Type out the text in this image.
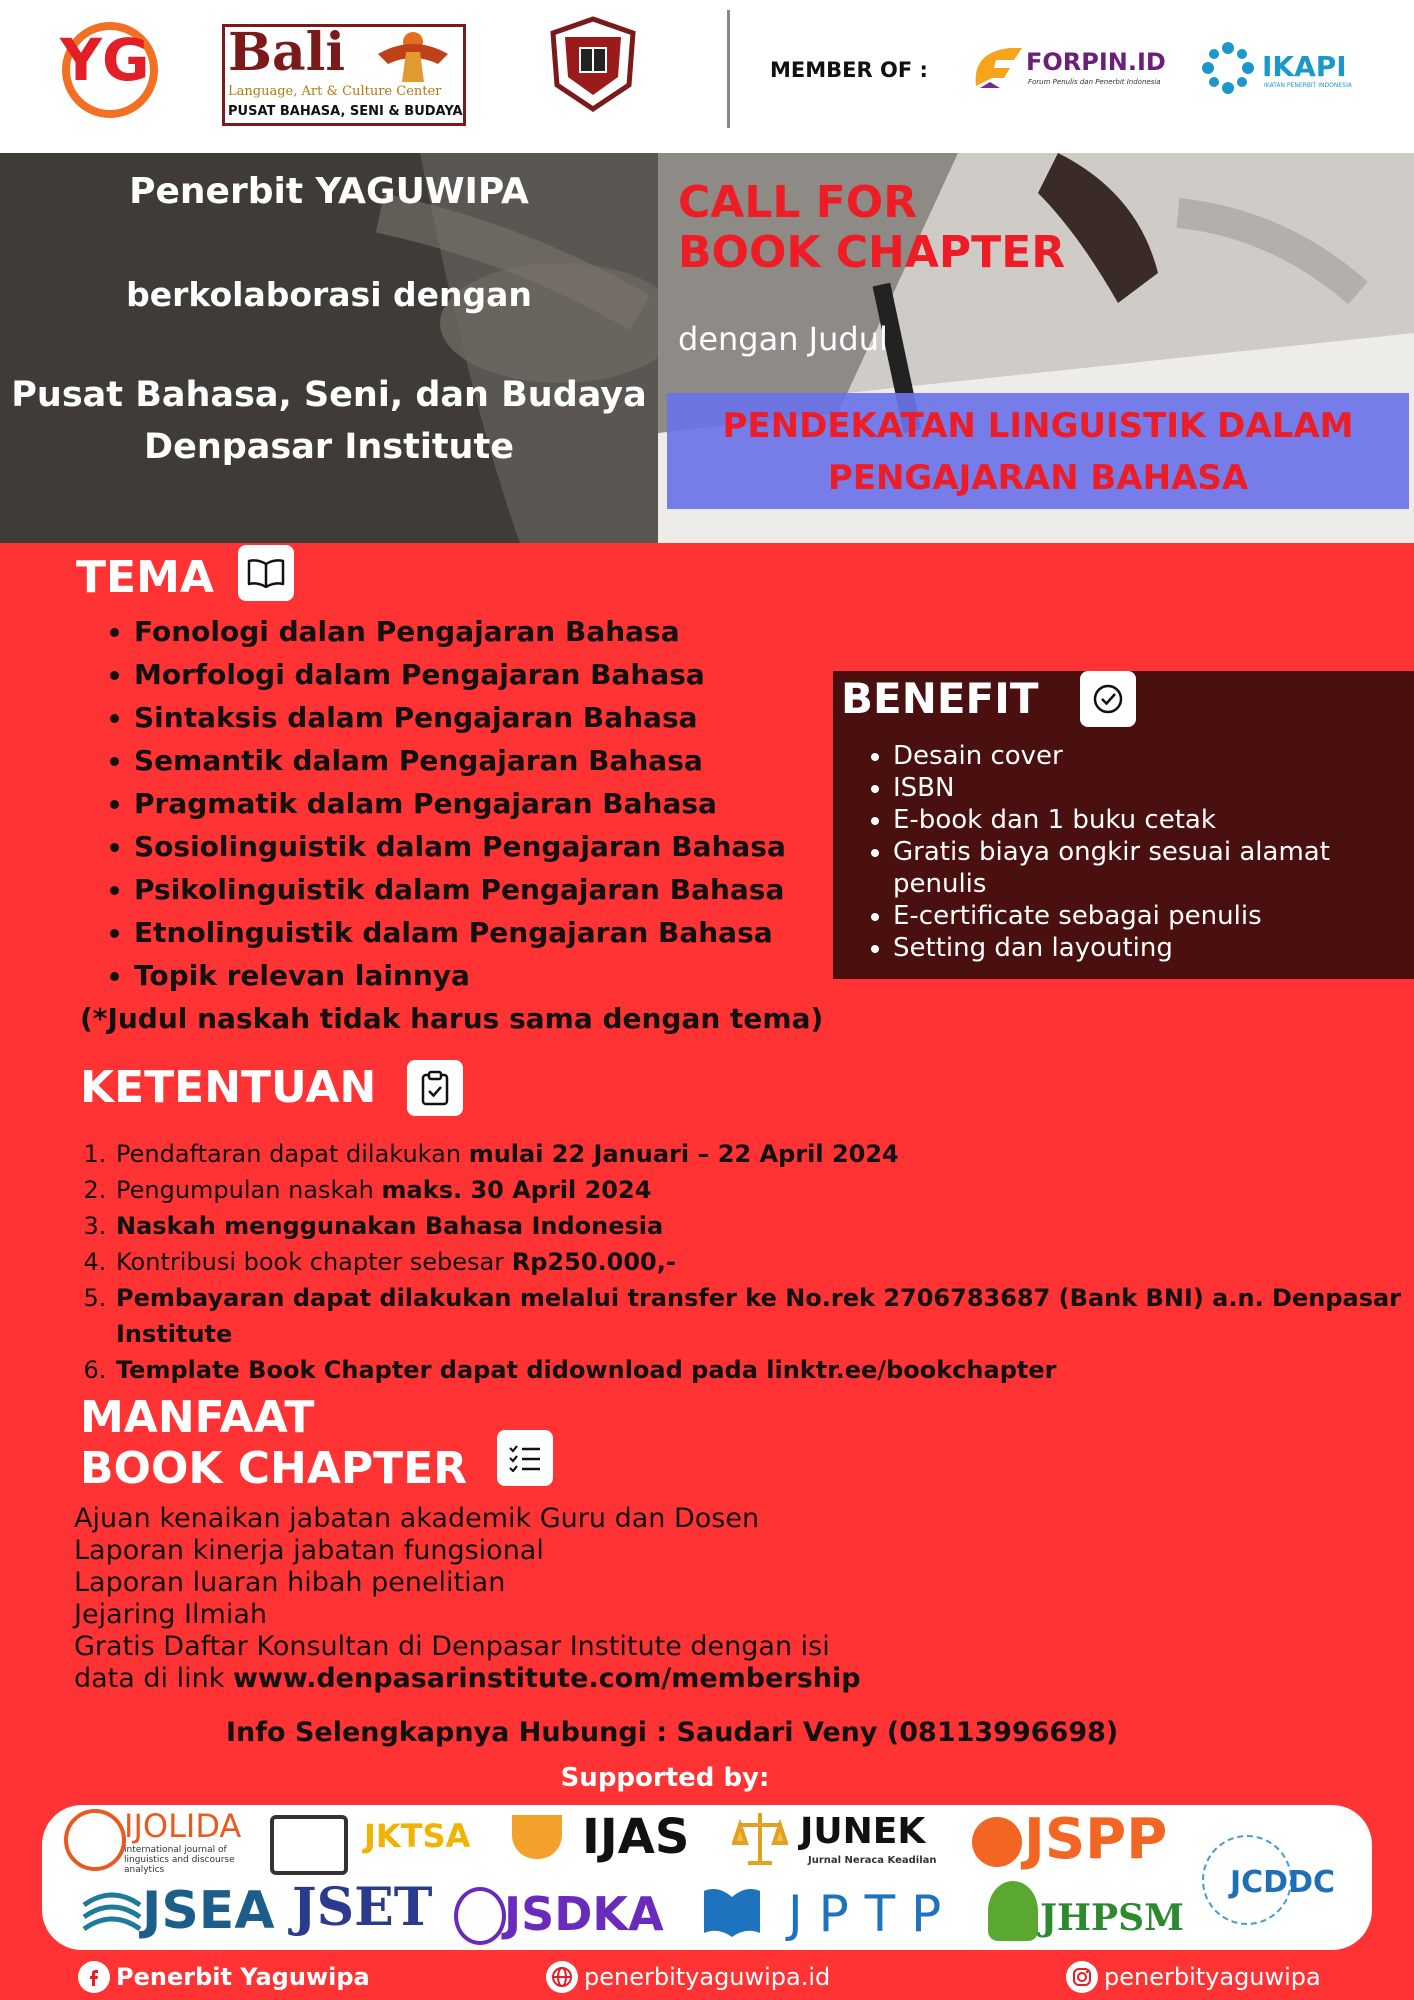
YG Bali
Language, Art & Culture Center
PUSAT BAHASA, SENI & BUDAYA
MEMBER OF :	FORPIN.ID
Forum Penulis dan Penerbit Indonesia	IKAPI
IKATAN PENERBIT INDONESIA
Penerbit YAGUWIPA
berkolaborasi dengan
Pusat Bahasa, Seni, dan Budaya
Denpasar Institute
CALL FOR
BOOK CHAPTER
dengan Judul
PENDEKATAN LINGUISTIK DALAM
PENGAJARAN BAHASA
TEMA
• Fonologi dalan Pengajaran Bahasa
• Morfologi dalam Pengajaran Bahasa
• Sintaksis dalam Pengajaran Bahasa
• Semantik dalam Pengajaran Bahasa
• Pragmatik dalam Pengajaran Bahasa
• Sosiolinguistik dalam Pengajaran Bahasa
• Psikolinguistik dalam Pengajaran Bahasa
• Etnolinguistik dalam Pengajaran Bahasa
• Topik relevan lainnya
(*Judul naskah tidak harus sama dengan tema)
BENEFIT
• Desain cover
• ISBN
• E-book dan 1 buku cetak
• Gratis biaya ongkir sesuai alamat penulis
• E-certificate sebagai penulis
• Setting dan layouting
KETENTUAN
1. Pendaftaran dapat dilakukan mulai 22 Januari – 22 April 2024
2. Pengumpulan naskah maks. 30 April 2024
3. Naskah menggunakan Bahasa Indonesia
4. Kontribusi book chapter sebesar Rp250.000,-
5. Pembayaran dapat dilakukan melalui transfer ke No.rek 2706783687 (Bank BNI) a.n. Denpasar Institute
6. Template Book Chapter dapat didownload pada linktr.ee/bookchapter
MANFAAT
BOOK CHAPTER
Ajuan kenaikan jabatan akademik Guru dan Dosen
Laporan kinerja jabatan fungsional
Laporan luaran hibah penelitian
Jejaring Ilmiah
Gratis Daftar Konsultan di Denpasar Institute dengan isi
data di link www.denpasarinstitute.com/membership
Info Selengkapnya Hubungi : Saudari Veny (08113996698)
Supported by:
IJOLIDA
international journal of linguistics and discourse analytics
JKTSA IJAS	JUNEK
Jurnal Neraca Keadilan JSPP
JCDDC
JSEA JSET JSDKA J P T P	JHPSM
Penerbit Yaguwipa	penerbityaguwipa.id	penerbityaguwipa
